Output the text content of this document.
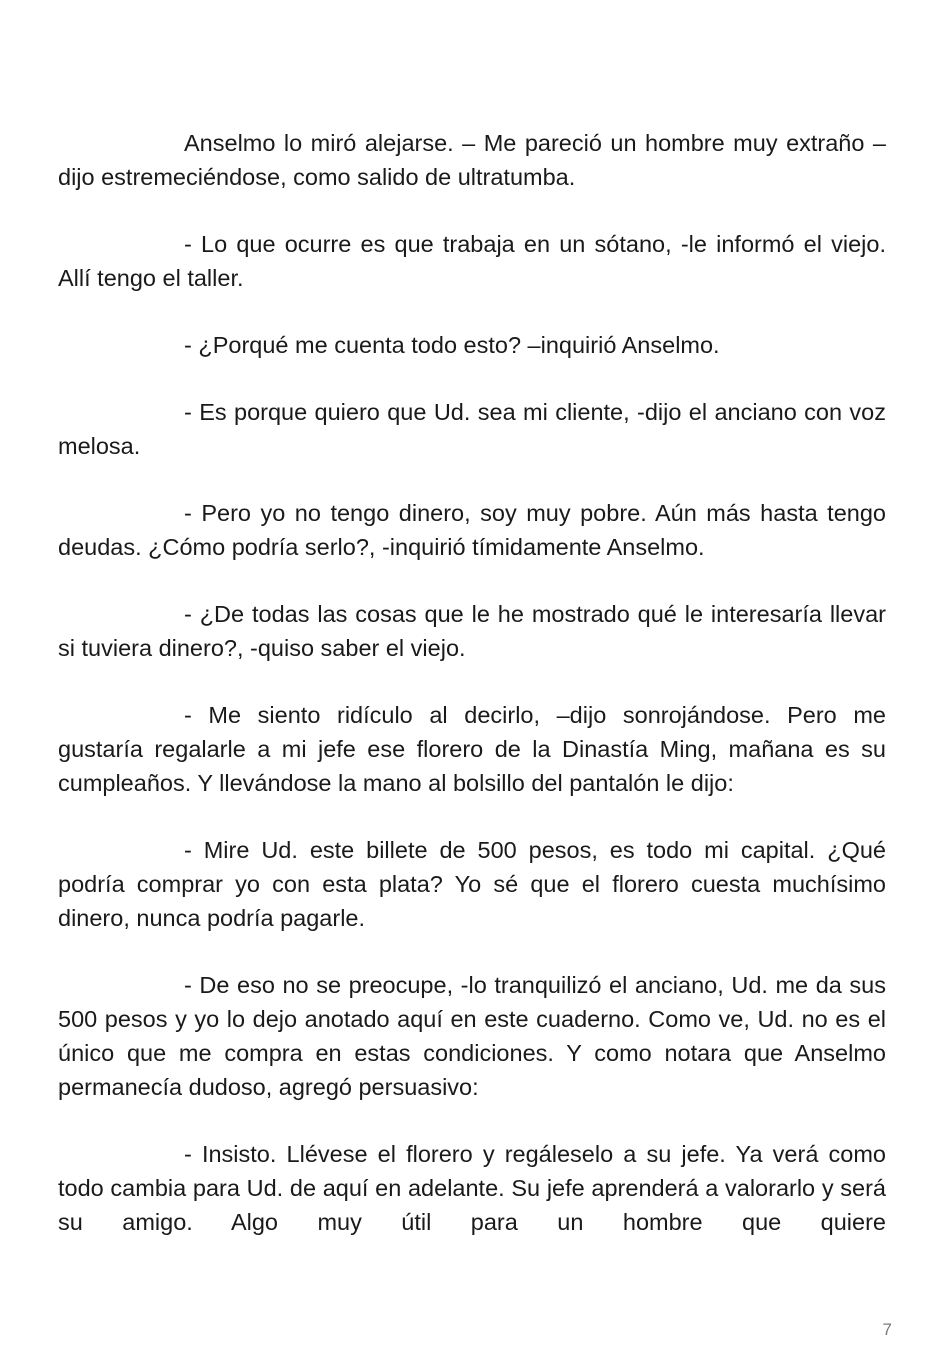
Anselmo lo miró alejarse. – Me pareció un hombre muy extraño –dijo estremeciéndose, como salido de ultratumba.

- Lo que ocurre es que trabaja en un sótano, -le informó el viejo. Allí tengo el taller.

- ¿Porqué me cuenta todo esto? –inquirió Anselmo.

- Es porque quiero que Ud. sea mi cliente, -dijo el anciano con voz melosa.

- Pero yo no tengo dinero, soy muy pobre. Aún más hasta tengo deudas. ¿Cómo podría serlo?, -inquirió tímidamente Anselmo.

- ¿De todas las cosas que le he mostrado qué le interesaría llevar si tuviera dinero?, -quiso saber el viejo.

- Me siento ridículo al decirlo, –dijo sonrojándose. Pero me gustaría regalarle a mi jefe ese florero de la Dinastía Ming, mañana es su cumpleaños. Y llevándose la mano al bolsillo del pantalón le dijo:

- Mire Ud. este billete de 500 pesos, es todo mi capital. ¿Qué podría comprar yo con esta plata? Yo sé que el florero cuesta muchísimo dinero, nunca podría pagarle.

- De eso no se preocupe, -lo tranquilizó el anciano, Ud. me da sus 500 pesos y yo lo dejo anotado aquí en este cuaderno. Como ve, Ud. no es el único que me compra en estas condiciones. Y como notara que Anselmo permanecía dudoso, agregó persuasivo:

- Insisto. Llévese el florero y regáleselo a su jefe. Ya verá como todo cambia para Ud. de aquí en adelante. Su jefe aprenderá a valorarlo y será su amigo. Algo muy útil para un hombre que quiere

7
